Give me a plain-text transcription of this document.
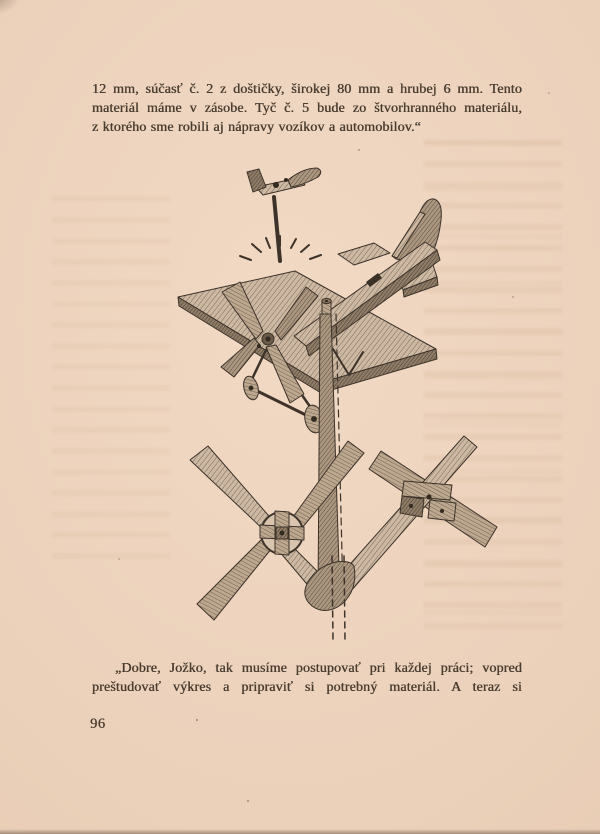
12 mm, súčasť č. 2 z doštičky, širokej 80 mm a hrubej 6 mm. Tento
materiál máme v zásobe. Tyč č. 5 bude zo štvorhranného materiálu,
z ktorého sme robili aj nápravy vozíkov a automobilov.“
„Dobre, Jožko, tak musíme postupovať pri každej práci; vopred
preštudovať výkres a pripraviť si potrebný materiál. A teraz si
96
